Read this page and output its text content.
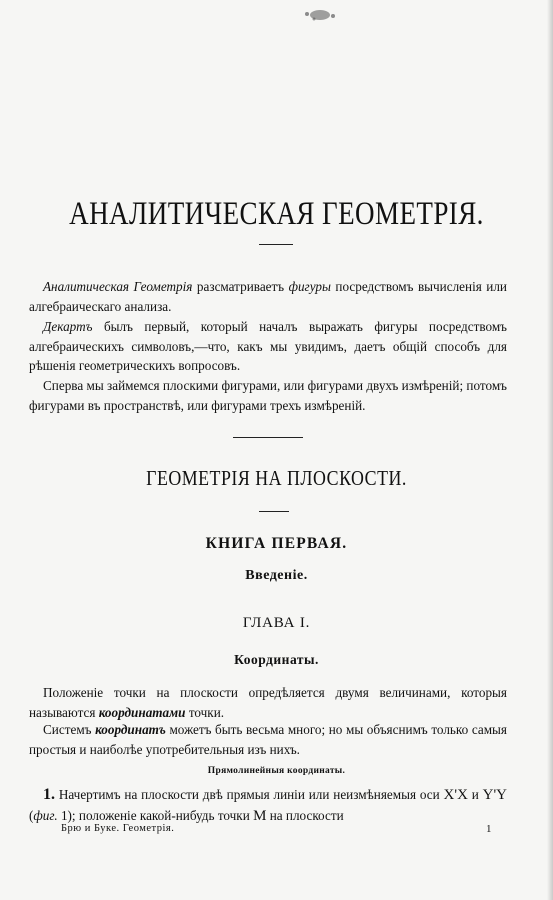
АНАЛИТИЧЕСКАЯ ГЕОМЕТРІЯ.
Аналитическая Геометрія разсматриваетъ фигуры посредствомъ вычисленія или алгебраическаго анализа.
Декартъ былъ первый, который началъ выражать фигуры посредствомъ алгебраическихъ символовъ,—что, какъ мы увидимъ, даетъ общій способъ для рѣшенія геометрическихъ вопросовъ.
Сперва мы займемся плоскими фигурами, или фигурами двухъ измѣреній; потомъ фигурами въ пространствѣ, или фигурами трехъ измѣреній.
ГЕОМЕТРІЯ НА ПЛОСКОСТИ.
КНИГА ПЕРВАЯ.
Введеніе.
ГЛАВА I.
Координаты.
Положеніе точки на плоскости опредѣляется двумя величинами, которыя называются координатами точки.
Системъ координатъ можетъ быть весьма много; но мы объяснимъ только самыя простыя и наиболѣе употребительныя изъ нихъ.
Прямолинейныя координаты.
1. Начертимъ на плоскости двѣ прямыя линіи или неизмѣняемыя оси X'X и Y'Y (фиг. 1); положеніе какой-нибудь точки M на плоскости
Брю и Буке. Геометрія.	1
